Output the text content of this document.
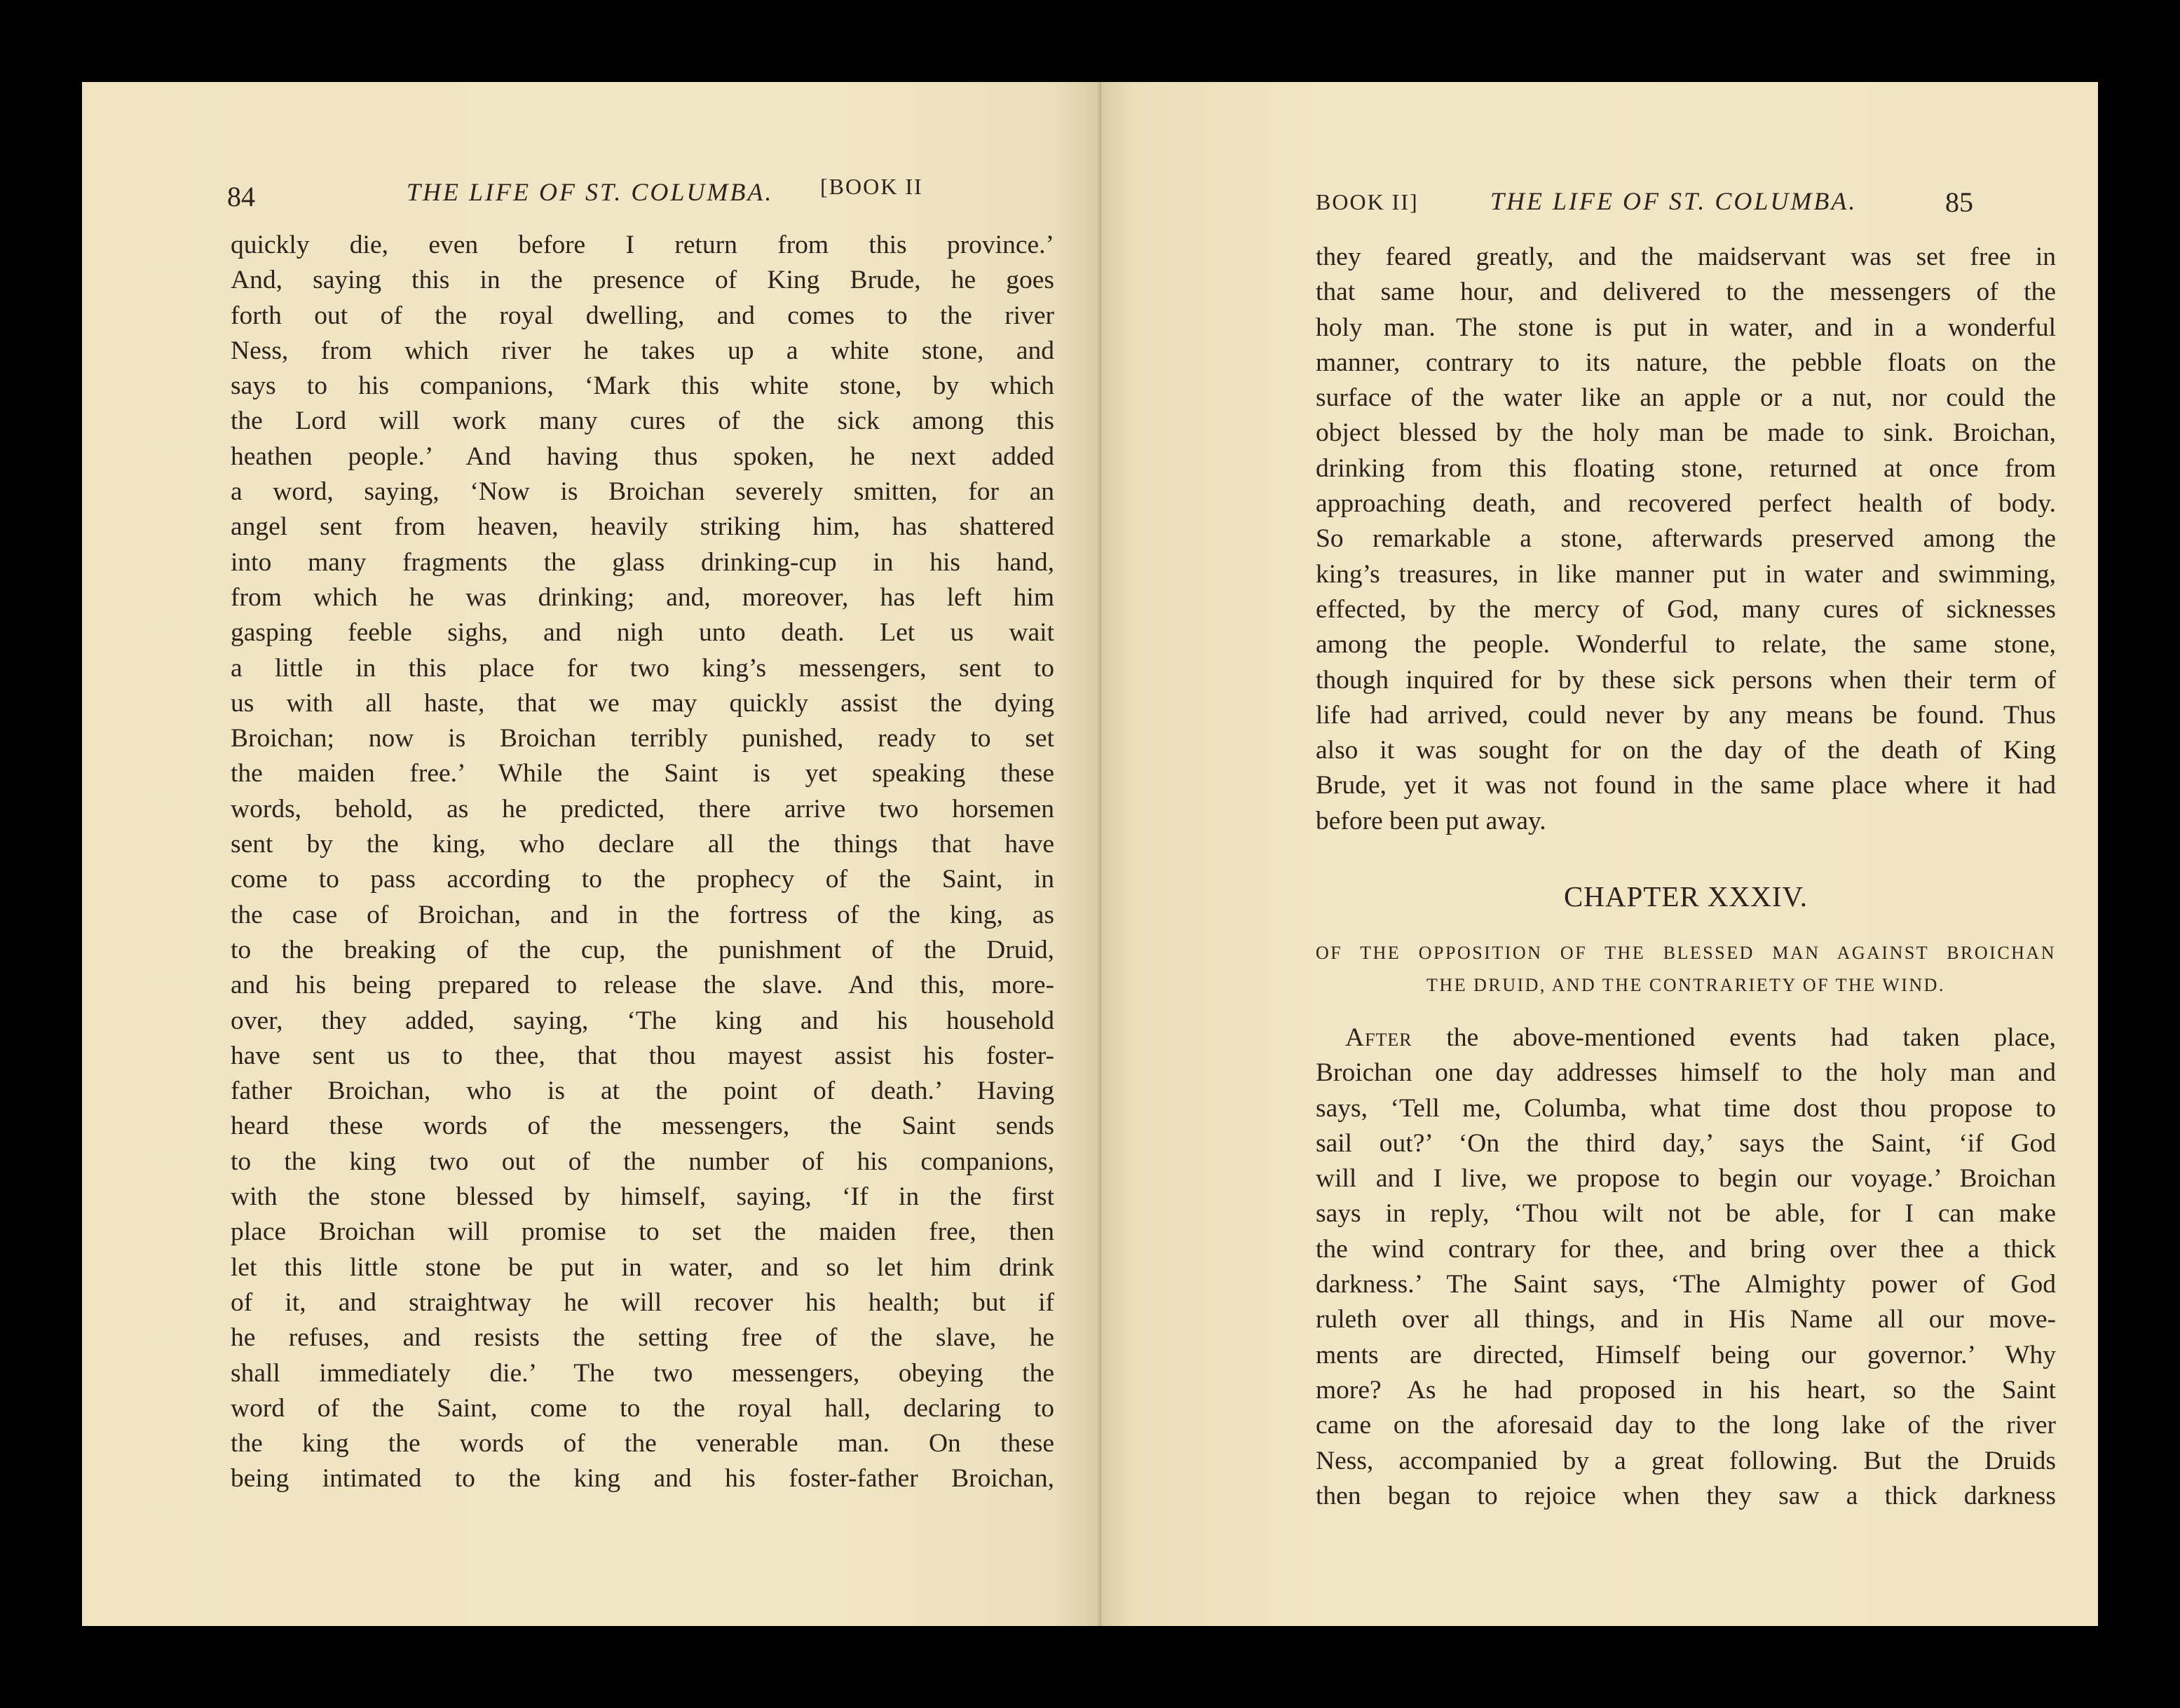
84	THE LIFE OF ST. COLUMBA. [BOOK II
quickly die, even before I return from this province.’
And, saying this in the presence of King Brude, he goes
forth out of the royal dwelling, and comes to the river
Ness, from which river he takes up a white stone, and
says to his companions, ‘Mark this white stone, by which
the Lord will work many cures of the sick among this
heathen people.’ And having thus spoken, he next added
a word, saying, ‘Now is Broichan severely smitten, for an
angel sent from heaven, heavily striking him, has shattered
into many fragments the glass drinking-cup in his hand,
from which he was drinking; and, moreover, has left him
gasping feeble sighs, and nigh unto death. Let us wait
a little in this place for two king’s messengers, sent to
us with all haste, that we may quickly assist the dying
Broichan; now is Broichan terribly punished, ready to set
the maiden free.’ While the Saint is yet speaking these
words, behold, as he predicted, there arrive two horsemen
sent by the king, who declare all the things that have
come to pass according to the prophecy of the Saint, in
the case of Broichan, and in the fortress of the king, as
to the breaking of the cup, the punishment of the Druid,
and his being prepared to release the slave. And this, more-
over, they added, saying, ‘The king and his household
have sent us to thee, that thou mayest assist his foster-
father Broichan, who is at the point of death.’ Having
heard these words of the messengers, the Saint sends
to the king two out of the number of his companions,
with the stone blessed by himself, saying, ‘If in the first
place Broichan will promise to set the maiden free, then
let this little stone be put in water, and so let him drink
of it, and straightway he will recover his health; but if
he refuses, and resists the setting free of the slave, he
shall immediately die.’ The two messengers, obeying the
word of the Saint, come to the royal hall, declaring to
the king the words of the venerable man. On these
being intimated to the king and his foster-father Broichan,
BOOK II]	THE LIFE OF ST. COLUMBA.	85
they feared greatly, and the maidservant was set free in
that same hour, and delivered to the messengers of the
holy man. The stone is put in water, and in a wonderful
manner, contrary to its nature, the pebble floats on the
surface of the water like an apple or a nut, nor could the
object blessed by the holy man be made to sink. Broichan,
drinking from this floating stone, returned at once from
approaching death, and recovered perfect health of body.
So remarkable a stone, afterwards preserved among the
king’s treasures, in like manner put in water and swimming,
effected, by the mercy of God, many cures of sicknesses
among the people. Wonderful to relate, the same stone,
though inquired for by these sick persons when their term of
life had arrived, could never by any means be found. Thus
also it was sought for on the day of the death of King
Brude, yet it was not found in the same place where it had
before been put away.
CHAPTER XXXIV.
OF THE OPPOSITION OF THE BLESSED MAN AGAINST BROICHAN
THE DRUID, AND THE CONTRARIETY OF THE WIND.
After the above-mentioned events had taken place,
Broichan one day addresses himself to the holy man and
says, ‘Tell me, Columba, what time dost thou propose to
sail out?’ ‘On the third day,’ says the Saint, ‘if God
will and I live, we propose to begin our voyage.’ Broichan
says in reply, ‘Thou wilt not be able, for I can make
the wind contrary for thee, and bring over thee a thick
darkness.’ The Saint says, ‘The Almighty power of God
ruleth over all things, and in His Name all our move-
ments are directed, Himself being our governor.’ Why
more? As he had proposed in his heart, so the Saint
came on the aforesaid day to the long lake of the river
Ness, accompanied by a great following. But the Druids
then began to rejoice when they saw a thick darkness
